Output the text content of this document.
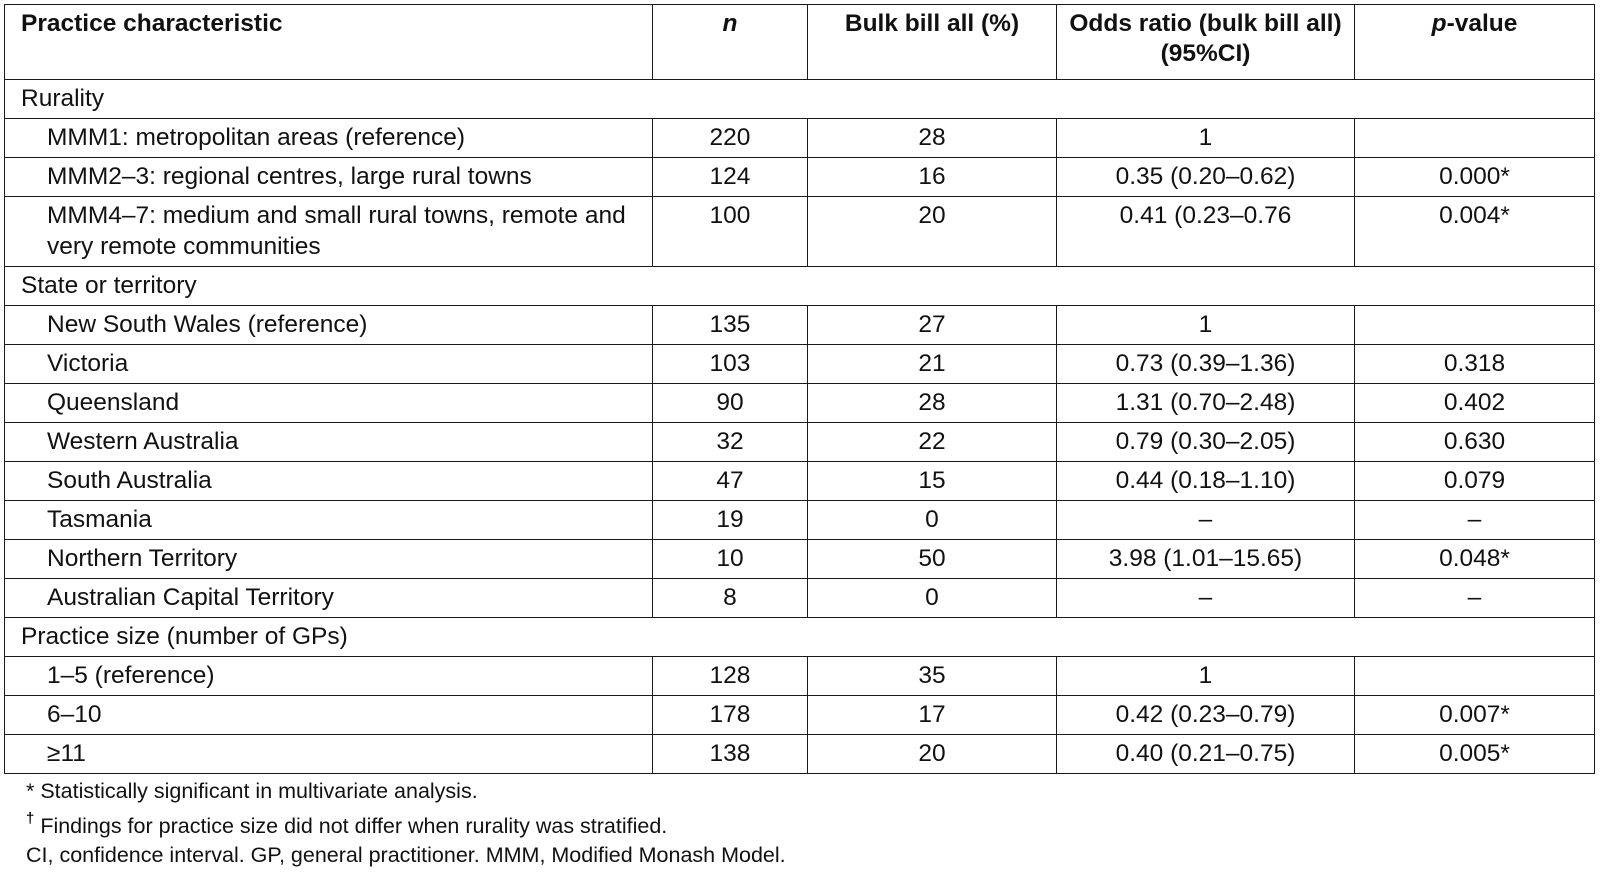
Practice characteristic	n	Bulk bill all (%)	Odds ratio (bulk bill all) (95%CI)	p-value
Rurality				
MMM1: metropolitan areas (reference)	220	28	1	
MMM2–3: regional centres, large rural towns	124	16	0.35 (0.20–0.62)	0.000*
MMM4–7: medium and small rural towns, remote and very remote communities	100	20	0.41 (0.23–0.76	0.004*
State or territory				
New South Wales (reference)	135	27	1	
Victoria	103	21	0.73 (0.39–1.36)	0.318
Queensland	90	28	1.31 (0.70–2.48)	0.402
Western Australia	32	22	0.79 (0.30–2.05)	0.630
South Australia	47	15	0.44 (0.18–1.10)	0.079
Tasmania	19	0	–	–
Northern Territory	10	50	3.98 (1.01–15.65)	0.048*
Australian Capital Territory	8	0	–	–
Practice size (number of GPs)				
1–5 (reference)	128	35	1	
6–10	178	17	0.42 (0.23–0.79)	0.007*
≥11	138	20	0.40 (0.21–0.75)	0.005*
* Statistically significant in multivariate analysis.
† Findings for practice size did not differ when rurality was stratified.
CI, confidence interval. GP, general practitioner. MMM, Modified Monash Model.
